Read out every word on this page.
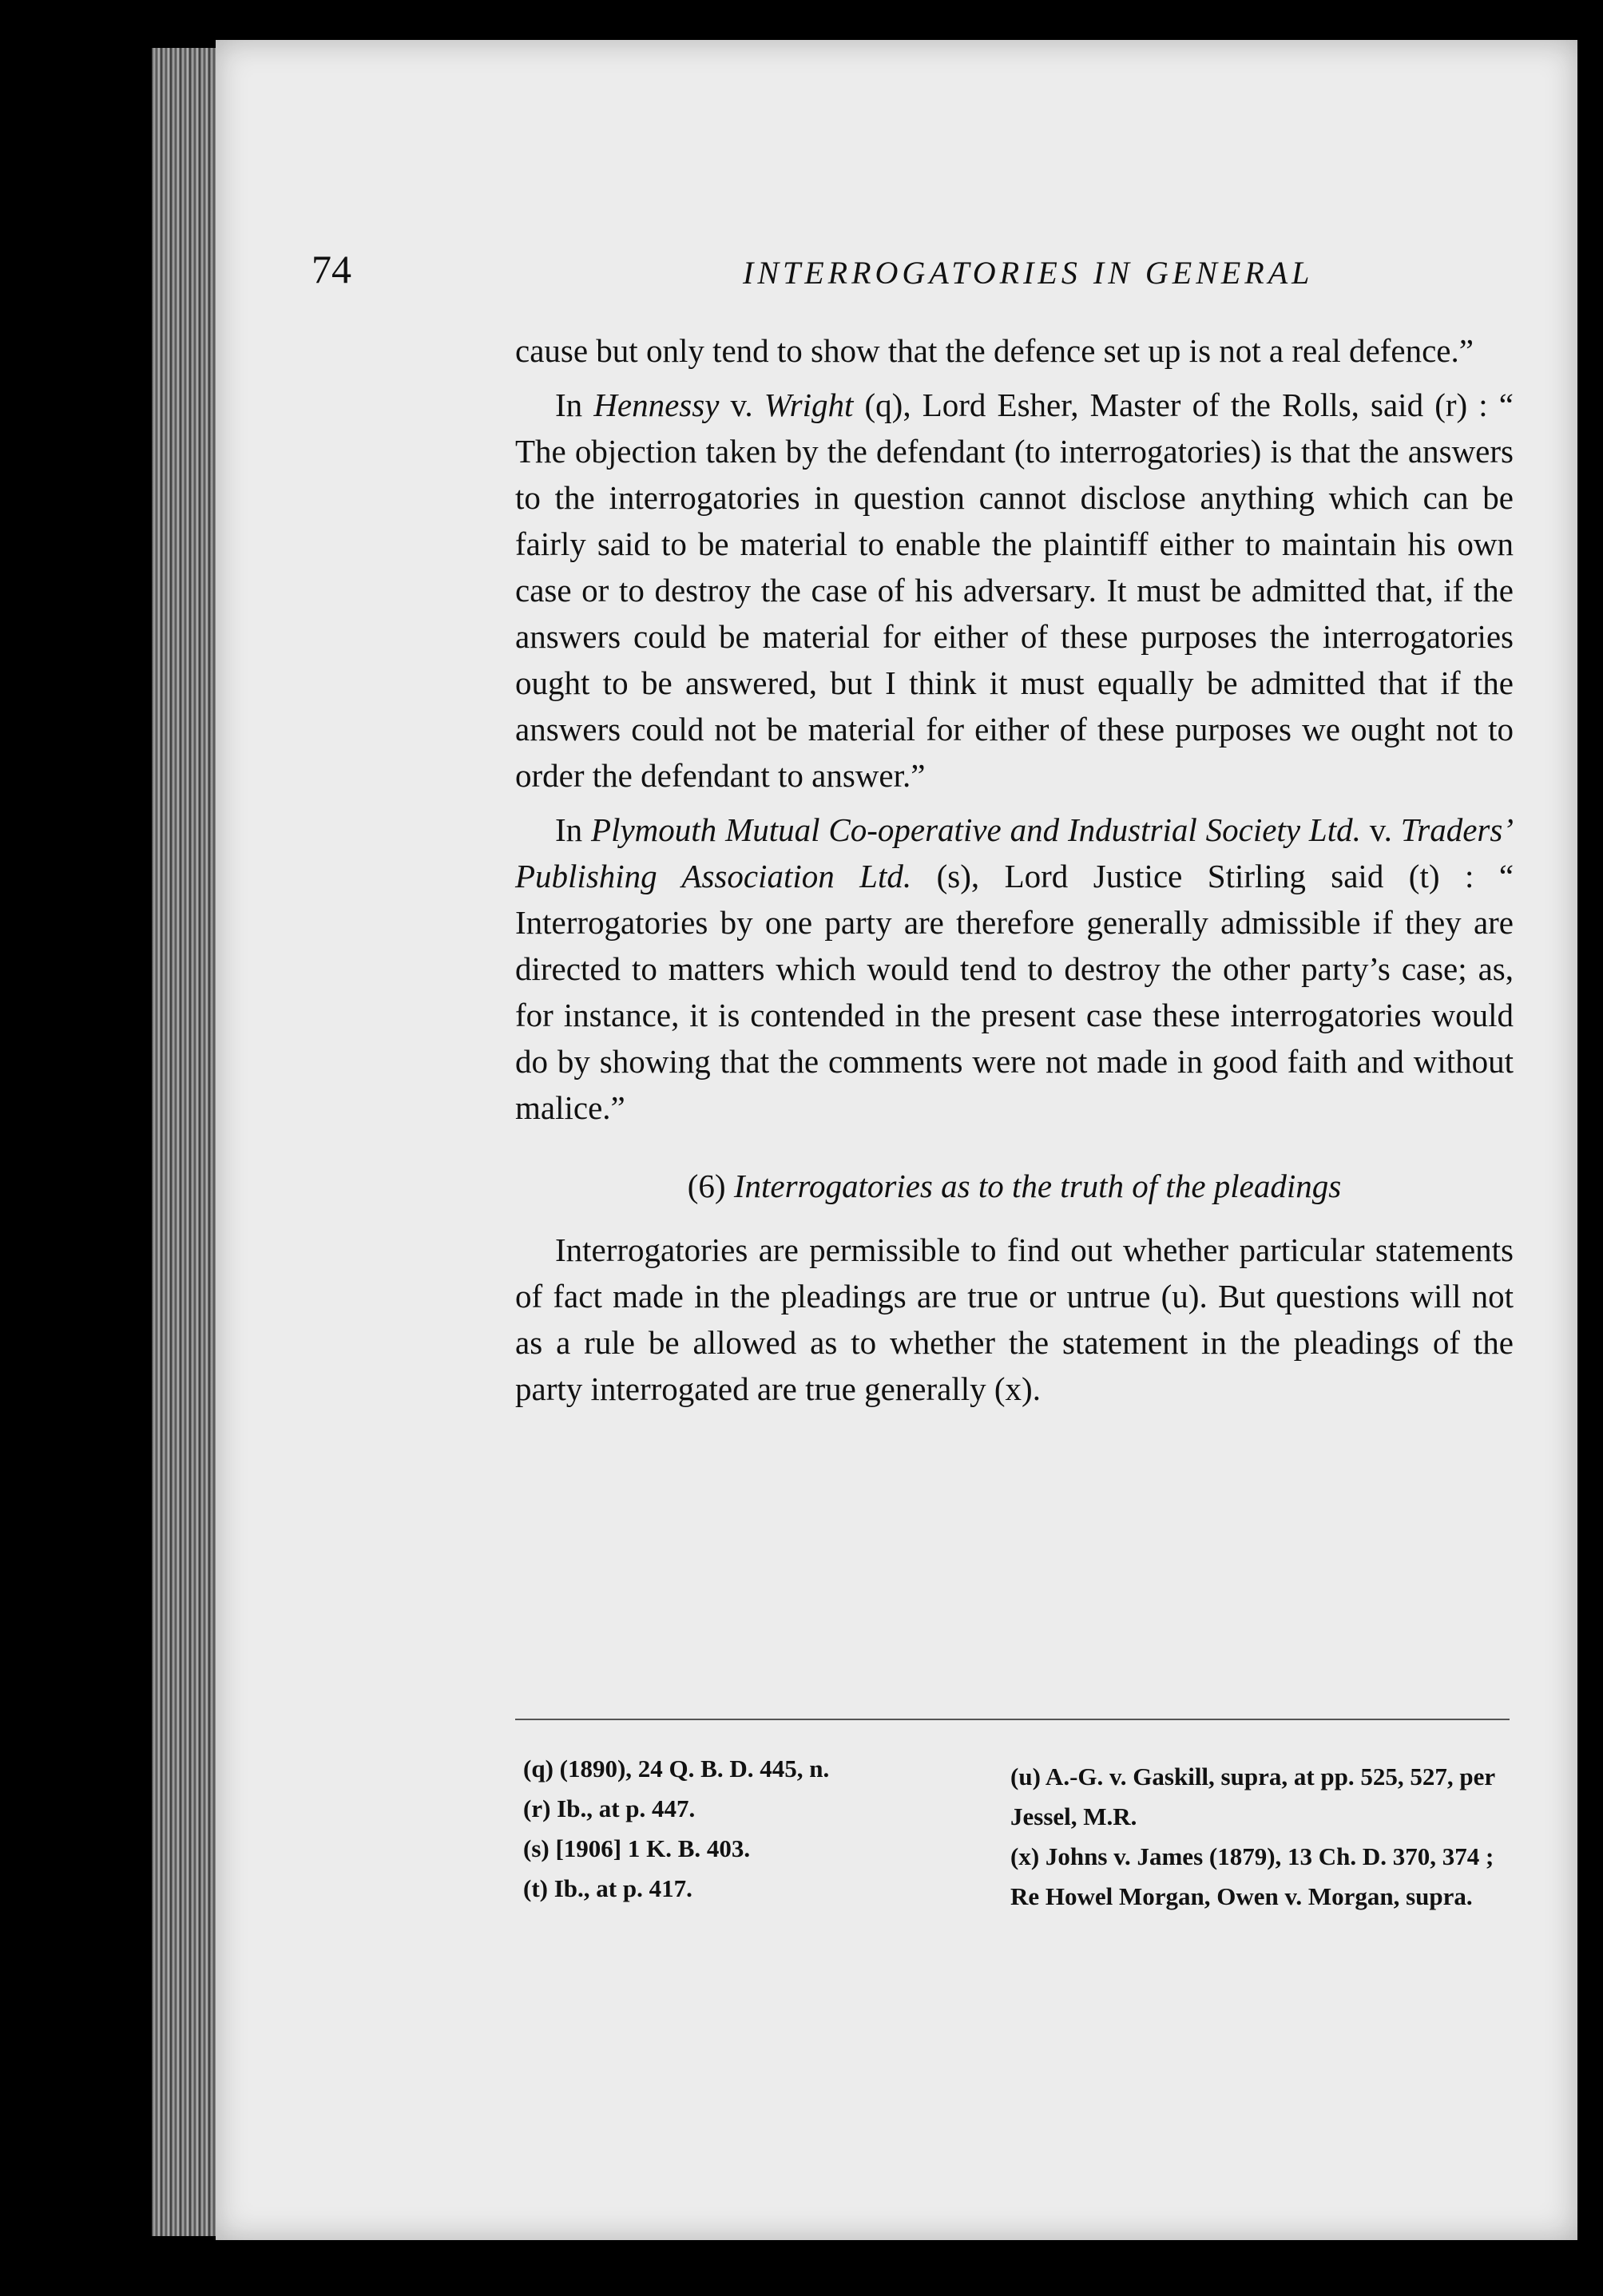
74	INTERROGATORIES IN GENERAL

cause but only tend to show that the defence set up is not a real defence.”

In Hennessy v. Wright (q), Lord Esher, Master of the Rolls, said (r) : “ The objection taken by the defendant (to interrogatories) is that the answers to the interrogatories in question cannot disclose anything which can be fairly said to be material to enable the plaintiff either to maintain his own case or to destroy the case of his adversary. It must be admitted that, if the answers could be material for either of these purposes the interrogatories ought to be answered, but I think it must equally be admitted that if the answers could not be material for either of these purposes we ought not to order the defendant to answer.”

In Plymouth Mutual Co-operative and Industrial Society Ltd. v. Traders’ Publishing Association Ltd. (s), Lord Justice Stirling said (t) : “ Interrogatories by one party are therefore generally admissible if they are directed to matters which would tend to destroy the other party’s case; as, for instance, it is contended in the present case these interrogatories would do by showing that the comments were not made in good faith and without malice.”

(6) Interrogatories as to the truth of the pleadings

Interrogatories are permissible to find out whether particular statements of fact made in the pleadings are true or untrue (u). But questions will not as a rule be allowed as to whether the statement in the pleadings of the party interrogated are true generally (x).

(q) (1890), 24 Q. B. D. 445, n.
(r) Ib., at p. 447.
(s) [1906] 1 K. B. 403.
(t) Ib., at p. 417.
(u) A.-G. v. Gaskill, supra, at pp. 525, 527, per Jessel, M.R.
(x) Johns v. James (1879), 13 Ch. D. 370, 374 ; Re Howel Morgan, Owen v. Morgan, supra.
